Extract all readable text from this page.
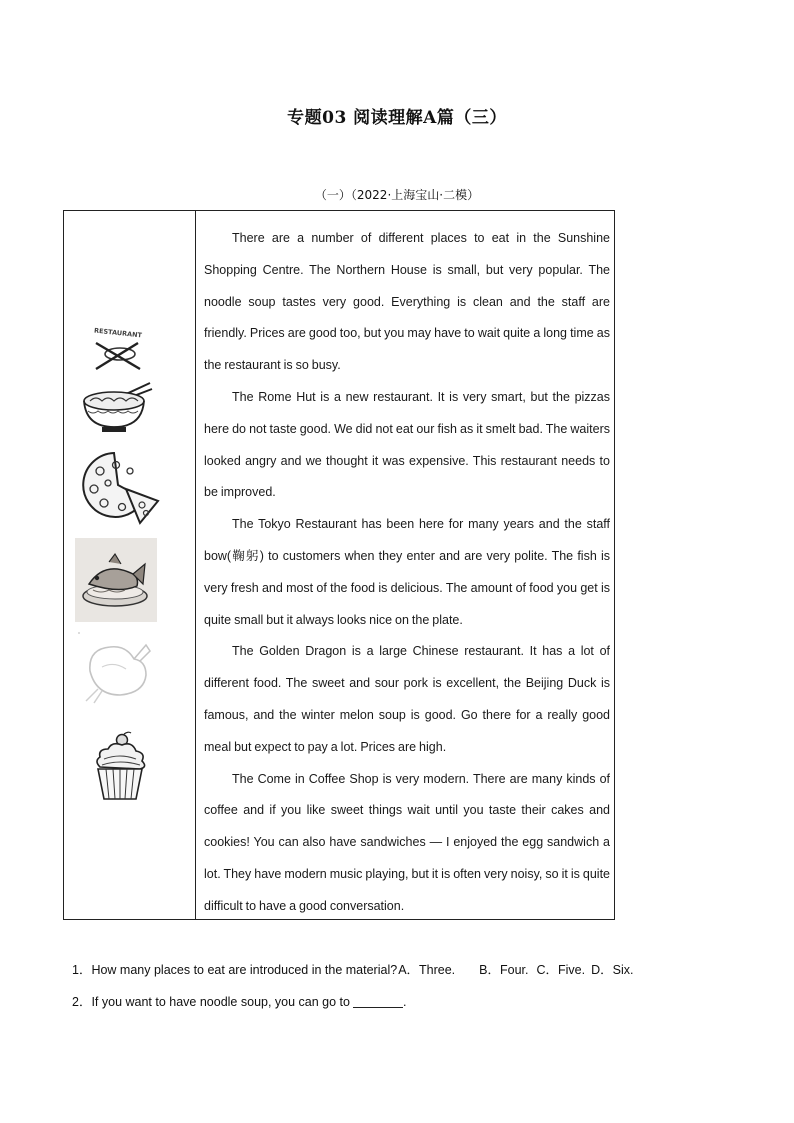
专题03 阅读理解A篇（三）
（一）（2022·上海宝山·二模）
RESTAURANT

There are a number of different places to eat in the Sunshine Shopping Centre. The Northern House is small, but very popular. The noodle soup tastes very good. Everything is clean and the staff are friendly. Prices are good too, but you may have to wait quite a long time as the restaurant is so busy.

The Rome Hut is a new restaurant. It is very smart, but the pizzas here do not taste good. We did not eat our fish as it smelt bad. The waiters looked angry and we thought it was expensive. This restaurant needs to be improved.

The Tokyo Restaurant has been here for many years and the staff bow(鞠躬) to customers when they enter and are very polite. The fish is very fresh and most of the food is delicious. The amount of food you get is quite small but it always looks nice on the plate.

The Golden Dragon is a large Chinese restaurant. It has a lot of different food. The sweet and sour pork is excellent, the Beijing Duck is famous, and the winter melon soup is good. Go there for a really good meal but expect to pay a lot. Prices are high.

The Come in Coffee Shop is very modern. There are many kinds of coffee and if you like sweet things wait until you taste their cakes and cookies! You can also have sandwiches — I enjoyed the egg sandwich a lot. They have modern music playing, but it is often very noisy, so it is quite difficult to have a good conversation.

1．How many places to eat are introduced in the material?A．Three. B．Four. C．Five. D．Six.
2．If you want to have noodle soup, you can go to	.
